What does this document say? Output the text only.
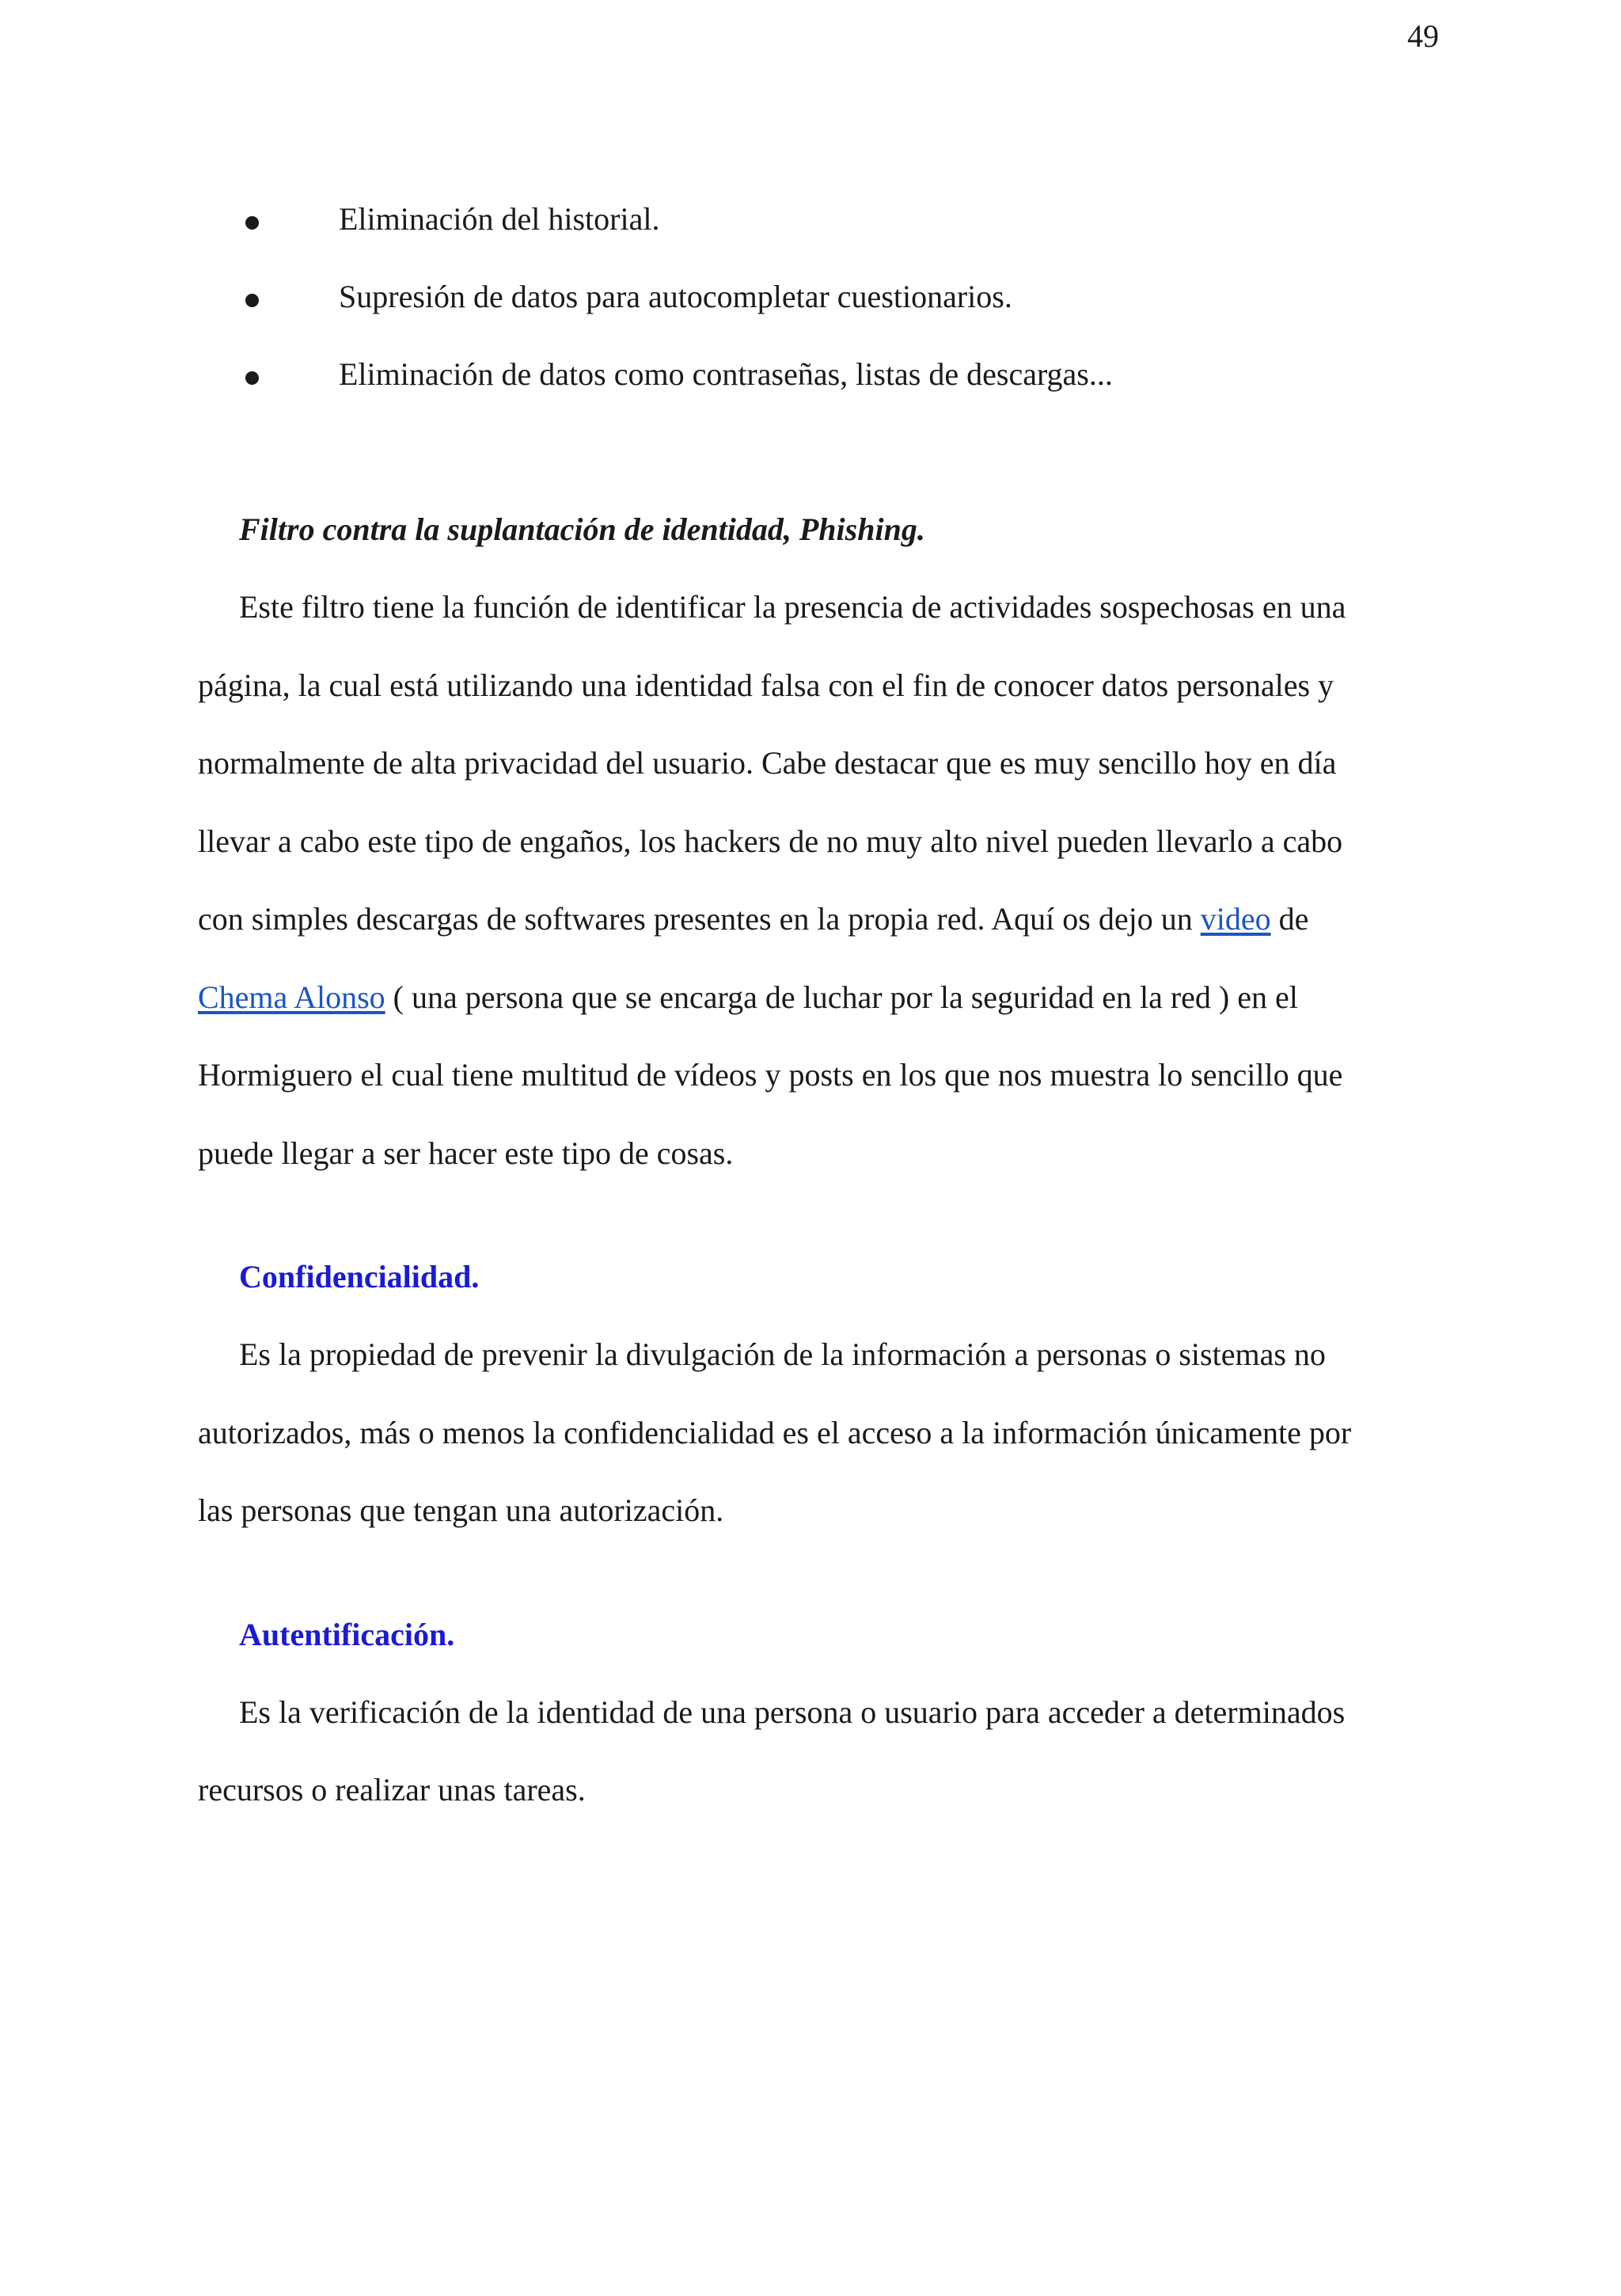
49

Eliminación del historial.
Supresión de datos para autocompletar cuestionarios.
Eliminación de datos como contraseñas, listas de descargas...
Filtro contra la suplantación de identidad, Phishing.
Este filtro tiene la función de identificar la presencia de actividades sospechosas en una
página, la cual está utilizando una identidad falsa con el fin de conocer datos personales y
normalmente de alta privacidad del usuario. Cabe destacar que es muy sencillo hoy en día
llevar a cabo este tipo de engaños, los hackers de no muy alto nivel pueden llevarlo a cabo
con simples descargas de softwares presentes en la propia red. Aquí os dejo un video de
Chema Alonso ( una persona que se encarga de luchar por la seguridad en la red ) en el
Hormiguero el cual tiene multitud de vídeos y posts en los que nos muestra lo sencillo que
puede llegar a ser hacer este tipo de cosas.
Confidencialidad.
Es la propiedad de prevenir la divulgación de la información a personas o sistemas no
autorizados, más o menos la confidencialidad es el acceso a la información únicamente por
las personas que tengan una autorización.
Autentificación.
Es la verificación de la identidad de una persona o usuario para acceder a determinados
recursos o realizar unas tareas.
